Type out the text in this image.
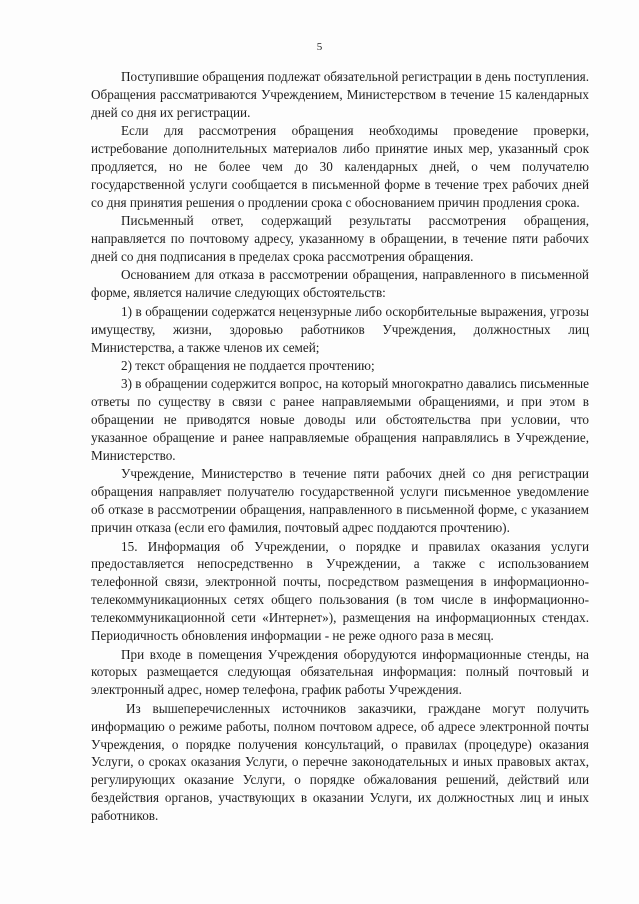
5

Поступившие обращения подлежат обязательной регистрации в день поступления. Обращения рассматриваются Учреждением, Министерством в течение 15 календарных дней со дня их регистрации.

Если для рассмотрения обращения необходимы проведение проверки, истребование дополнительных материалов либо принятие иных мер, указанный срок продляется, но не более чем до 30 календарных дней, о чем получателю государственной услуги сообщается в письменной форме в течение трех рабочих дней со дня принятия решения о продлении срока с обоснованием причин продления срока.

Письменный ответ, содержащий результаты рассмотрения обращения, направляется по почтовому адресу, указанному в обращении, в течение пяти рабочих дней со дня подписания в пределах срока рассмотрения обращения.

Основанием для отказа в рассмотрении обращения, направленного в письменной форме, является наличие следующих обстоятельств:

1) в обращении содержатся нецензурные либо оскорбительные выражения, угрозы имуществу, жизни, здоровью работников Учреждения, должностных лиц Министерства, а также членов их семей;

2) текст обращения не поддается прочтению;

3) в обращении содержится вопрос, на который многократно давались письменные ответы по существу в связи с ранее направляемыми обращениями, и при этом в обращении не приводятся новые доводы или обстоятельства при условии, что указанное обращение и ранее направляемые обращения направлялись в Учреждение, Министерство.

Учреждение, Министерство в течение пяти рабочих дней со дня регистрации обращения направляет получателю государственной услуги письменное уведомление об отказе в рассмотрении обращения, направленного в письменной форме, с указанием причин отказа (если его фамилия, почтовый адрес поддаются прочтению).

15. Информация об Учреждении, о порядке и правилах оказания услуги предоставляется непосредственно в Учреждении, а также с использованием телефонной связи, электронной почты, посредством размещения в информационно-телекоммуникационных сетях общего пользования (в том числе в информационно-телекоммуникационной сети «Интернет»), размещения на информационных стендах. Периодичность обновления информации - не реже одного раза в месяц.

При входе в помещения Учреждения оборудуются информационные стенды, на которых размещается следующая обязательная информация: полный почтовый и электронный адрес, номер телефона, график работы Учреждения.

Из вышеперечисленных источников заказчики, граждане могут получить информацию о режиме работы, полном почтовом адресе, об адресе электронной почты Учреждения, о порядке получения консультаций, о правилах (процедуре) оказания Услуги, о сроках оказания Услуги, о перечне законодательных и иных правовых актах, регулирующих оказание Услуги, о порядке обжалования решений, действий или бездействия органов, участвующих в оказании Услуги, их должностных лиц и иных работников.
